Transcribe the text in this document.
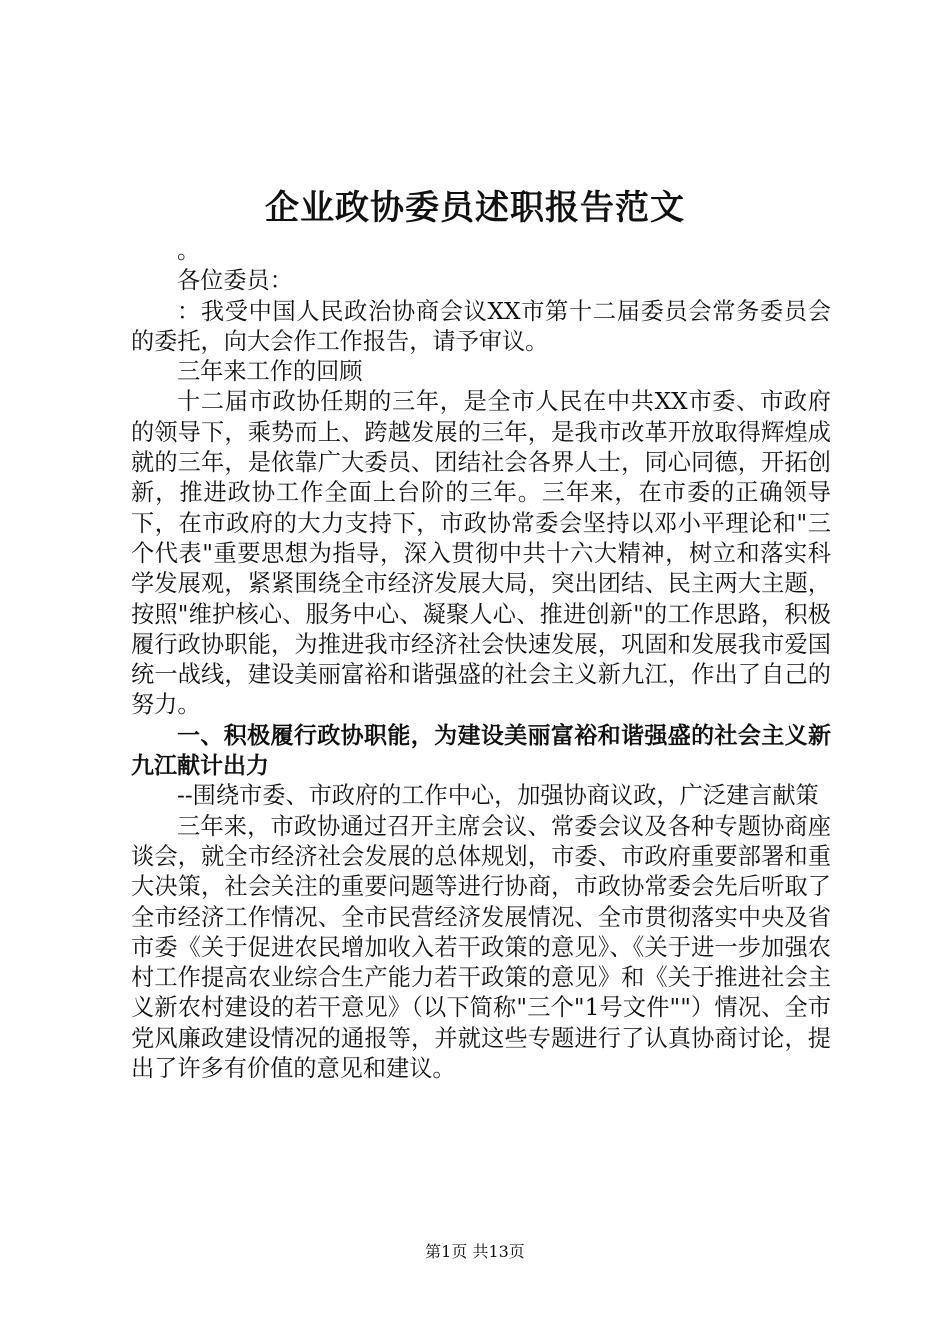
企业政协委员述职报告范文

。

各位委员：

：我受中国人民政治协商会议XX市第十二届委员会常务委员会的委托，向大会作工作报告，请予审议。

三年来工作的回顾

十二届市政协任期的三年，是全市人民在中共XX市委、市政府的领导下，乘势而上、跨越发展的三年，是我市改革开放取得辉煌成就的三年，是依靠广大委员、团结社会各界人士，同心同德，开拓创新，推进政协工作全面上台阶的三年。三年来，在市委的正确领导下，在市政府的大力支持下，市政协常委会坚持以邓小平理论和"三个代表"重要思想为指导，深入贯彻中共十六大精神，树立和落实科学发展观，紧紧围绕全市经济发展大局，突出团结、民主两大主题，按照"维护核心、服务中心、凝聚人心、推进创新"的工作思路，积极履行政协职能，为推进我市经济社会快速发展，巩固和发展我市爱国统一战线，建设美丽富裕和谐强盛的社会主义新九江，作出了自己的努力。

一、积极履行政协职能，为建设美丽富裕和谐强盛的社会主义新九江献计出力

--围绕市委、市政府的工作中心，加强协商议政，广泛建言献策

三年来，市政协通过召开主席会议、常委会议及各种专题协商座谈会，就全市经济社会发展的总体规划，市委、市政府重要部署和重大决策，社会关注的重要问题等进行协商，市政协常委会先后听取了全市经济工作情况、全市民营经济发展情况、全市贯彻落实中央及省市委《关于促进农民增加收入若干政策的意见》、《关于进一步加强农村工作提高农业综合生产能力若干政策的意见》和《关于推进社会主义新农村建设的若干意见》（以下简称"三个"1号文件""）情况、全市党风廉政建设情况的通报等，并就这些专题进行了认真协商讨论，提出了许多有价值的意见和建议。

第1页 共13页
